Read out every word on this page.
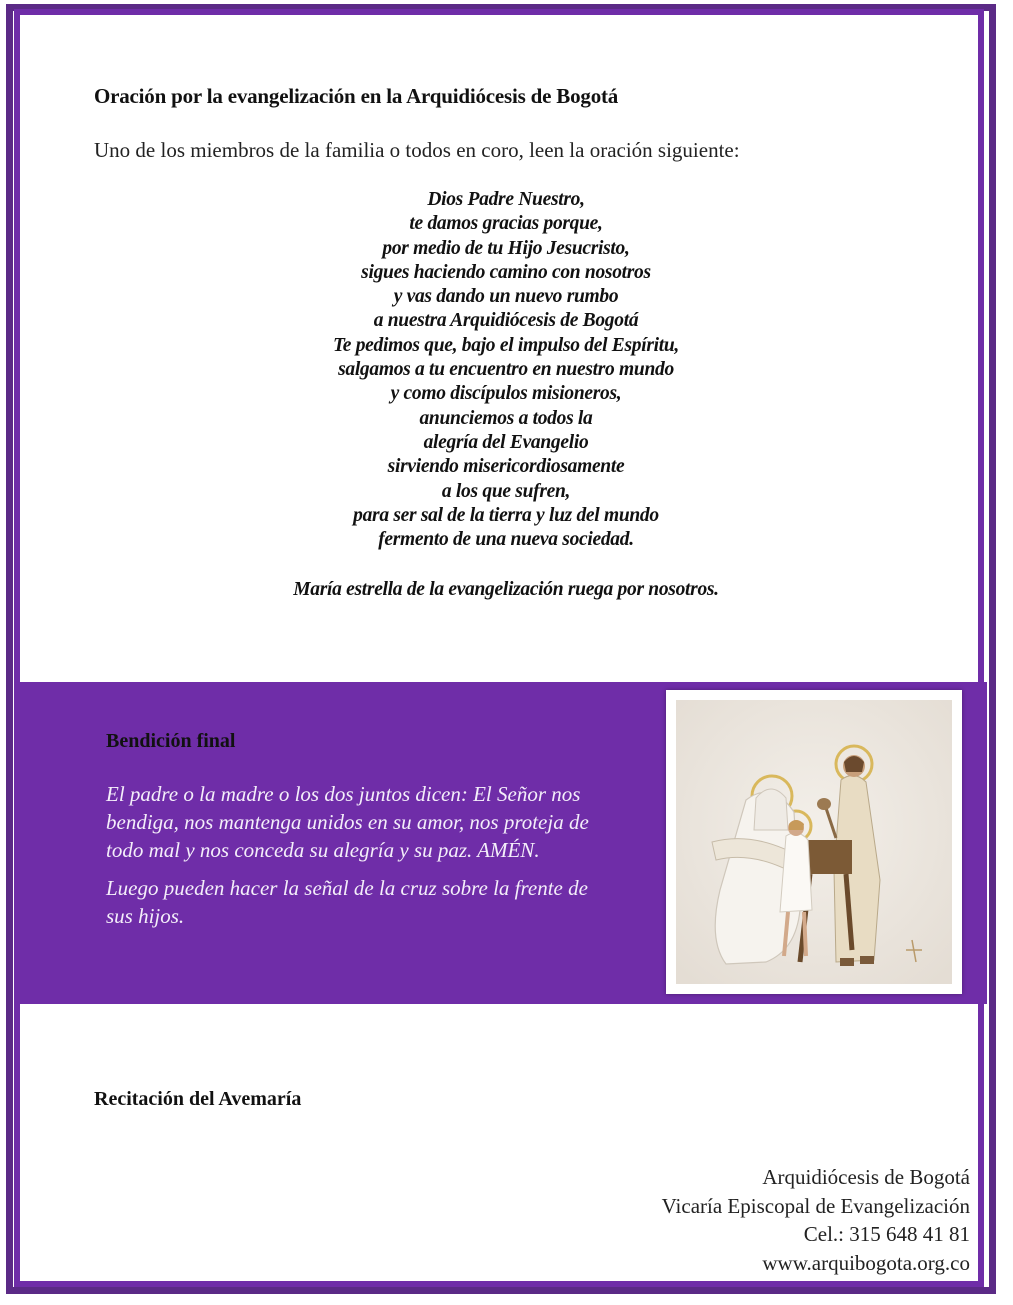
Oración por la evangelización en la Arquidiócesis de Bogotá
Uno de los miembros de la familia o todos en coro, leen la oración siguiente:
Dios Padre Nuestro,
te damos gracias porque,
por medio de tu Hijo Jesucristo,
sigues haciendo camino con nosotros
y vas dando un nuevo rumbo
a nuestra Arquidiócesis de Bogotá
Te pedimos que, bajo el impulso del Espíritu,
salgamos a tu encuentro en nuestro mundo
y como discípulos misioneros,
anunciemos a todos la
alegría del Evangelio
sirviendo misericordiosamente
a los que sufren,
para ser sal de la tierra y luz del mundo
fermento de una nueva sociedad.
María estrella de la evangelización ruega por nosotros.
Bendición final

El padre o la madre o los dos juntos dicen: El Señor nos bendiga, nos mantenga unidos en su amor, nos proteja de todo mal y nos conceda su alegría y su paz. AMÉN.

Luego pueden hacer la señal de la cruz sobre la frente de sus hijos.

Recitación del Avemaría
Arquidiócesis de Bogotá
Vicaría Episcopal de Evangelización
Cel.: 315 648 41 81
www.arquibogota.org.co
